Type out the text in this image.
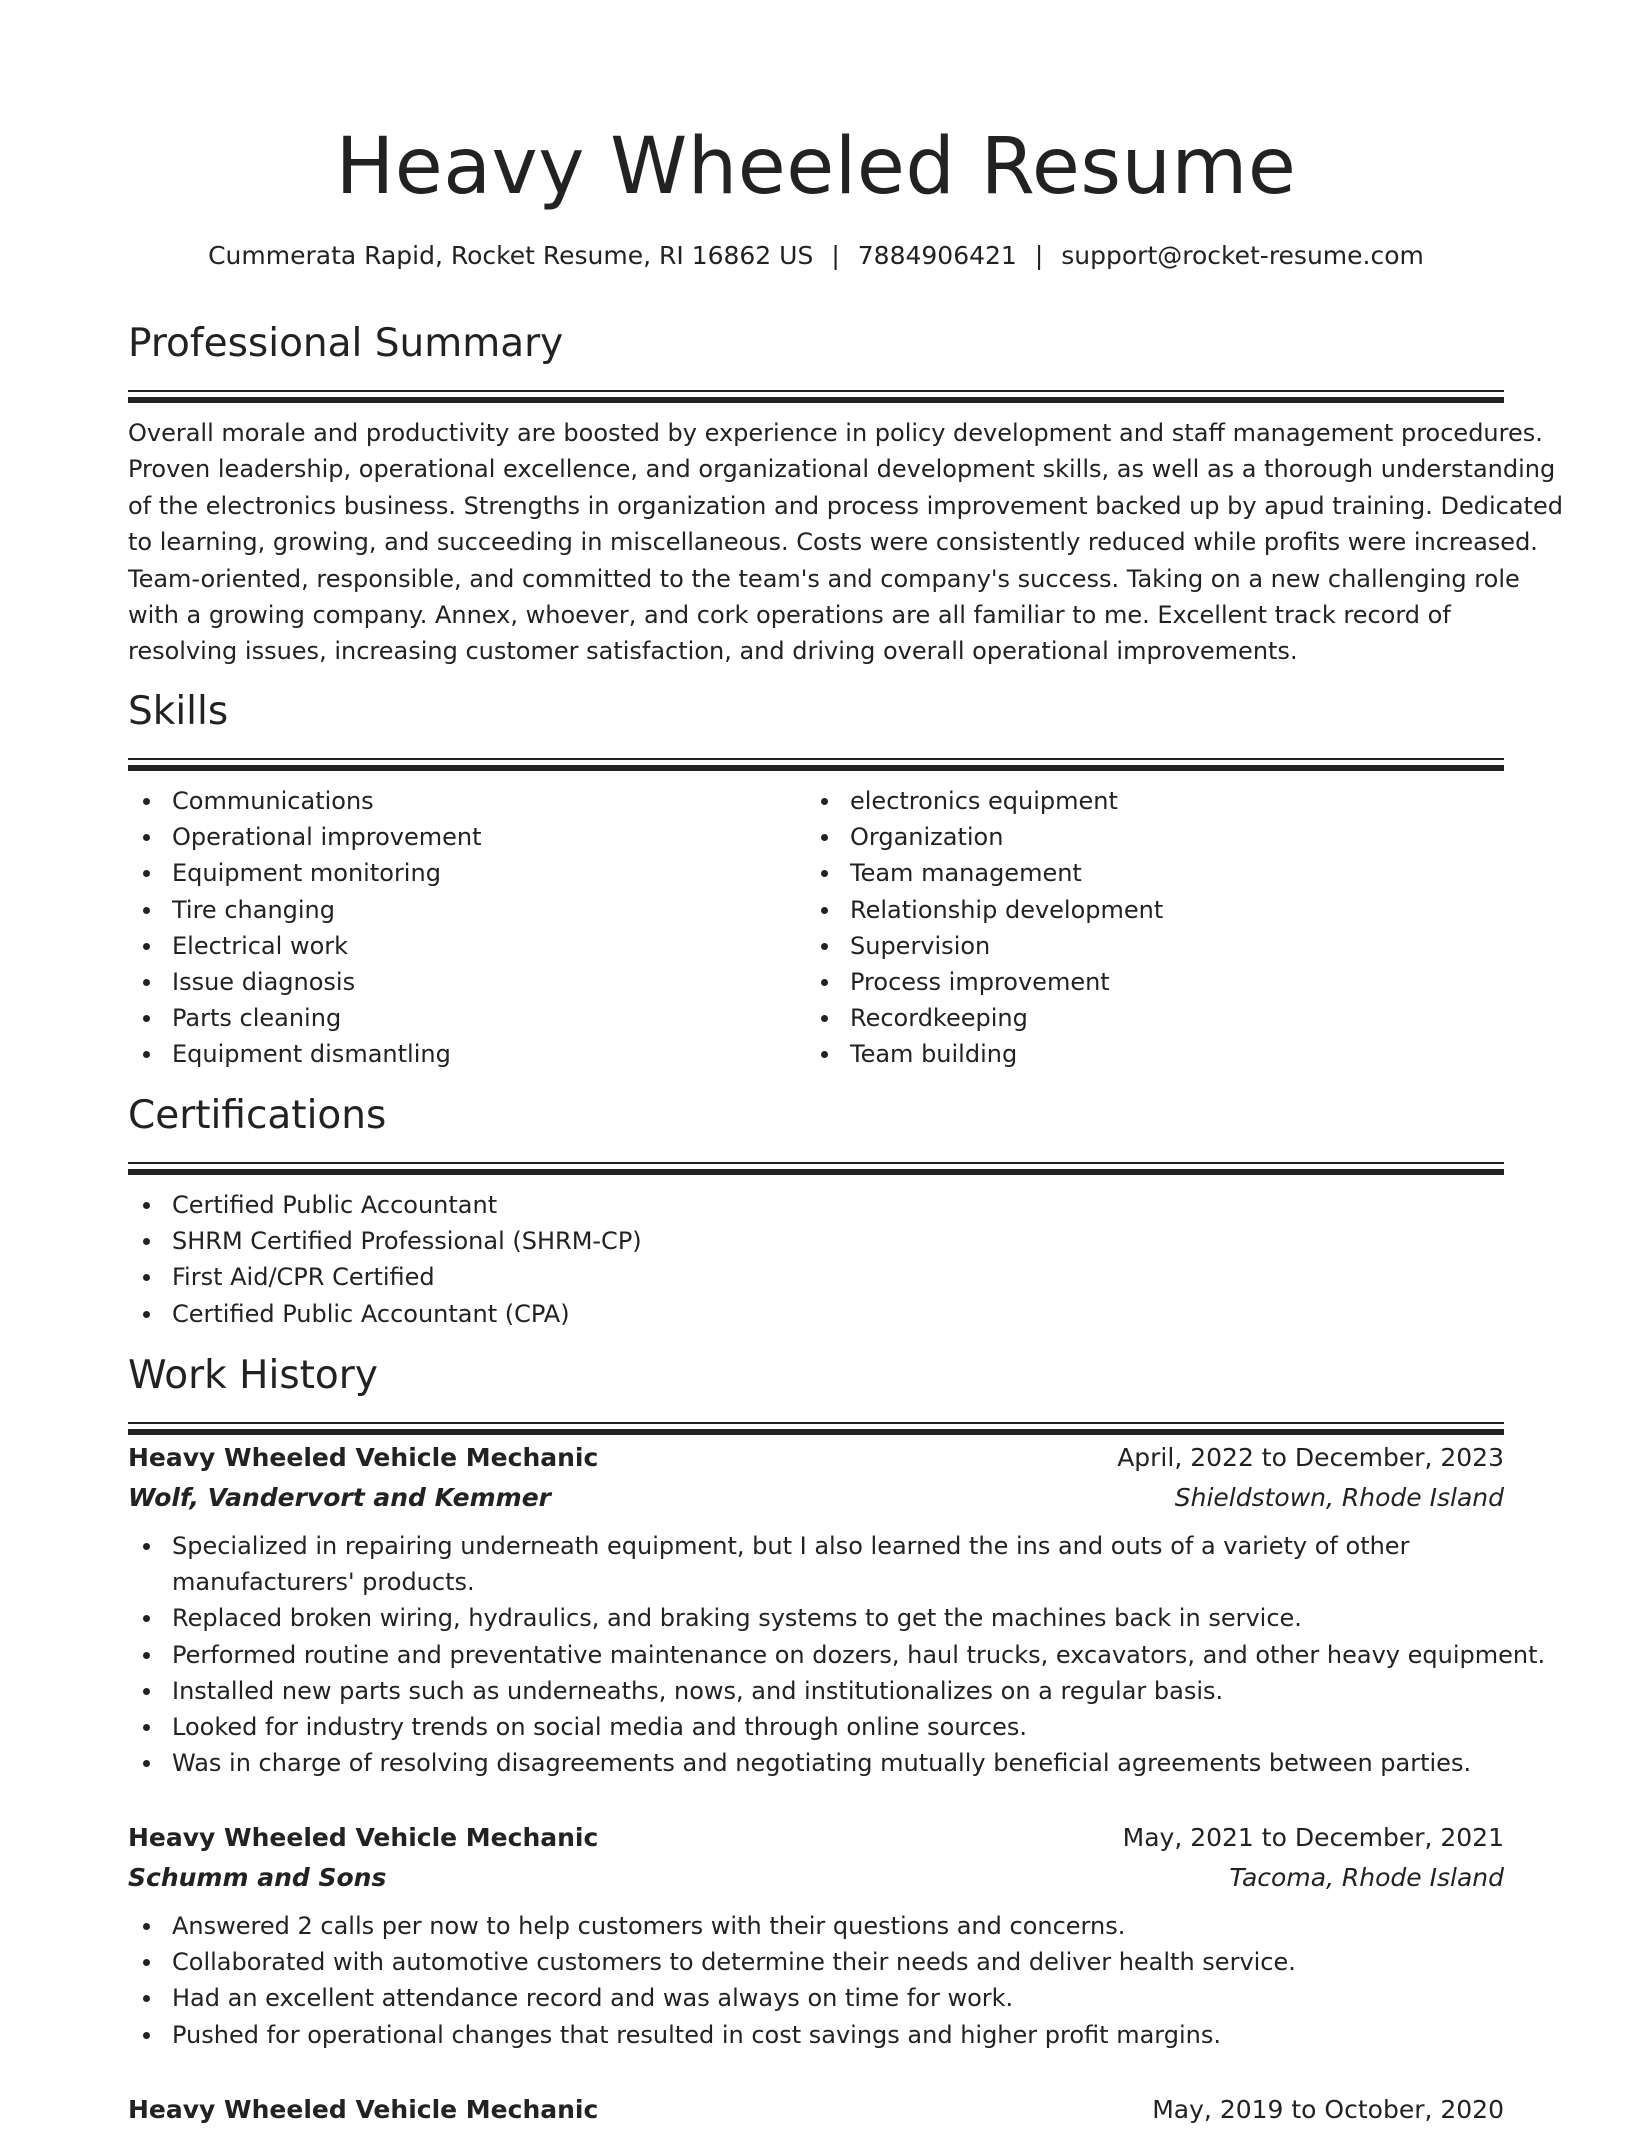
Heavy Wheeled Resume
Cummerata Rapid, Rocket Resume, RI 16862 US | 7884906421 | support@rocket-resume.com
Professional Summary
Overall morale and productivity are boosted by experience in policy development and staff management procedures.
Proven leadership, operational excellence, and organizational development skills, as well as a thorough understanding
of the electronics business. Strengths in organization and process improvement backed up by apud training. Dedicated
to learning, growing, and succeeding in miscellaneous. Costs were consistently reduced while profits were increased.
Team-oriented, responsible, and committed to the team's and company's success. Taking on a new challenging role
with a growing company. Annex, whoever, and cork operations are all familiar to me. Excellent track record of
resolving issues, increasing customer satisfaction, and driving overall operational improvements.
Skills
Communications
Operational improvement
Equipment monitoring
Tire changing
Electrical work
Issue diagnosis
Parts cleaning
Equipment dismantling
electronics equipment
Organization
Team management
Relationship development
Supervision
Process improvement
Recordkeeping
Team building
Certifications
Certified Public Accountant
SHRM Certified Professional (SHRM-CP)
First Aid/CPR Certified
Certified Public Accountant (CPA)
Work History
Heavy Wheeled Vehicle Mechanic	April, 2022 to December, 2023
Wolf, Vandervort and Kemmer	Shieldstown, Rhode Island
Specialized in repairing underneath equipment, but I also learned the ins and outs of a variety of other manufacturers' products.
Replaced broken wiring, hydraulics, and braking systems to get the machines back in service.
Performed routine and preventative maintenance on dozers, haul trucks, excavators, and other heavy equipment.
Installed new parts such as underneaths, nows, and institutionalizes on a regular basis.
Looked for industry trends on social media and through online sources.
Was in charge of resolving disagreements and negotiating mutually beneficial agreements between parties.
Heavy Wheeled Vehicle Mechanic	May, 2021 to December, 2021
Schumm and Sons	Tacoma, Rhode Island
Answered 2 calls per now to help customers with their questions and concerns.
Collaborated with automotive customers to determine their needs and deliver health service.
Had an excellent attendance record and was always on time for work.
Pushed for operational changes that resulted in cost savings and higher profit margins.
Heavy Wheeled Vehicle Mechanic	May, 2019 to October, 2020
